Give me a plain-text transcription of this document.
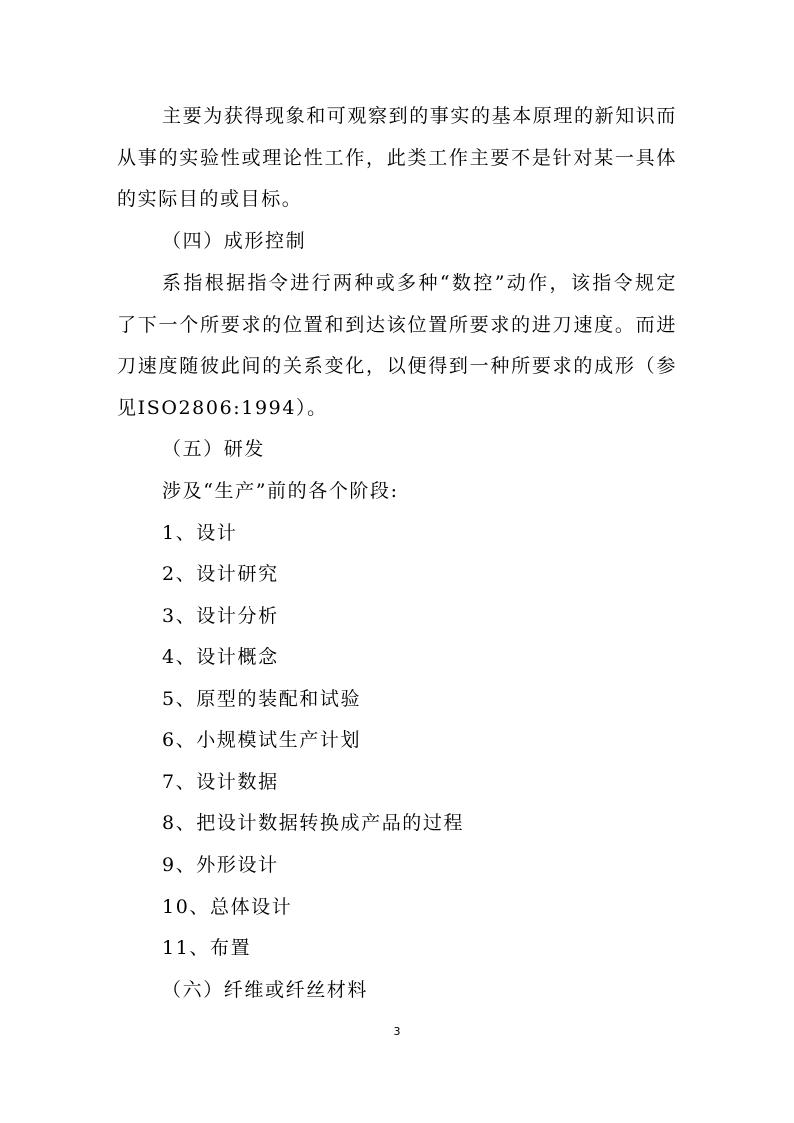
主要为获得现象和可观察到的事实的基本原理的新知识而从事的实验性或理论性工作，此类工作主要不是针对某一具体的实际目的或目标。

（四）成形控制

系指根据指令进行两种或多种“数控”动作，该指令规定了下一个所要求的位置和到达该位置所要求的进刀速度。而进刀速度随彼此间的关系变化，以便得到一种所要求的成形（参见ISO2806:1994）。

（五）研发

涉及“生产”前的各个阶段:

1、设计

2、设计研究

3、设计分析

4、设计概念

5、原型的装配和试验

6、小规模试生产计划

7、设计数据

8、把设计数据转换成产品的过程

9、外形设计

10、总体设计

11、布置

（六）纤维或纤丝材料

3
